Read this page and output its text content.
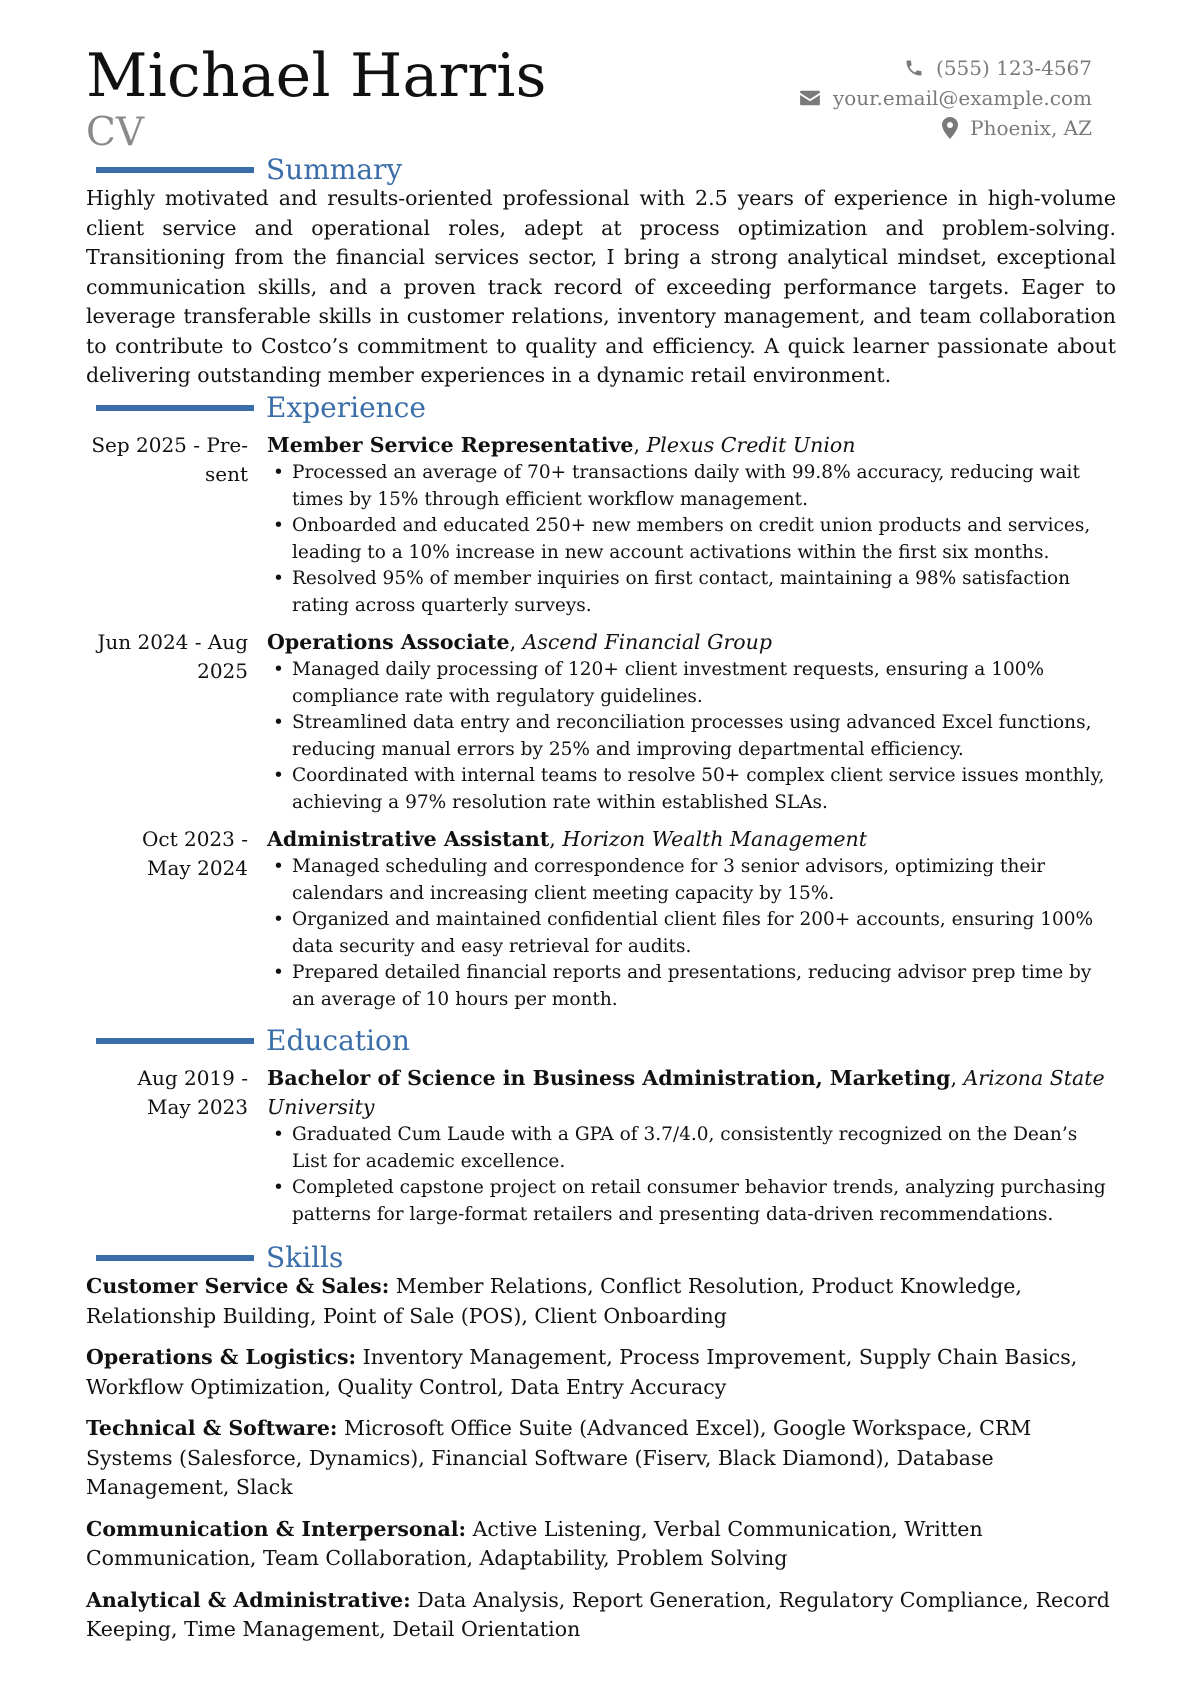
Michael Harris
CV
(555) 123-4567
your.email@example.com
Phoenix, AZ
Summary
Highly motivated and results-oriented professional with 2.5 years of experience in high-volume client service and operational roles, adept at process optimization and problem-solving. Transitioning from the financial services sector, I bring a strong analytical mindset, exceptional communication skills, and a proven track record of exceeding performance targets. Eager to leverage transferable skills in customer relations, inventory management, and team collaboration to contribute to Costco’s commitment to quality and efficiency. A quick learner passionate about delivering outstanding member experiences in a dynamic retail environment.
Experience
Sep 2025 - Pre-
sent
Member Service Representative, Plexus Credit Union
• Processed an average of 70+ transactions daily with 99.8% accuracy, reducing wait times by 15% through efficient workflow management.
• Onboarded and educated 250+ new members on credit union products and services, leading to a 10% increase in new account activations within the first six months.
• Resolved 95% of member inquiries on first contact, maintaining a 98% satisfaction rating across quarterly surveys.
Jun 2024 - Aug
2025
Operations Associate, Ascend Financial Group
• Managed daily processing of 120+ client investment requests, ensuring a 100% compliance rate with regulatory guidelines.
• Streamlined data entry and reconciliation processes using advanced Excel functions, reducing manual errors by 25% and improving departmental efficiency.
• Coordinated with internal teams to resolve 50+ complex client service issues monthly, achieving a 97% resolution rate within established SLAs.
Oct 2023 -
May 2024
Administrative Assistant, Horizon Wealth Management
• Managed scheduling and correspondence for 3 senior advisors, optimizing their calendars and increasing client meeting capacity by 15%.
• Organized and maintained confidential client files for 200+ accounts, ensuring 100% data security and easy retrieval for audits.
• Prepared detailed financial reports and presentations, reducing advisor prep time by an average of 10 hours per month.
Education
Aug 2019 -
May 2023
Bachelor of Science in Business Administration, Marketing, Arizona State University
• Graduated Cum Laude with a GPA of 3.7/4.0, consistently recognized on the Dean’s List for academic excellence.
• Completed capstone project on retail consumer behavior trends, analyzing purchasing patterns for large-format retailers and presenting data-driven recommendations.
Skills
Customer Service & Sales: Member Relations, Conflict Resolution, Product Knowledge, Relationship Building, Point of Sale (POS), Client Onboarding
Operations & Logistics: Inventory Management, Process Improvement, Supply Chain Basics, Workflow Optimization, Quality Control, Data Entry Accuracy
Technical & Software: Microsoft Office Suite (Advanced Excel), Google Workspace, CRM Systems (Salesforce, Dynamics), Financial Software (Fiserv, Black Diamond), Database Management, Slack
Communication & Interpersonal: Active Listening, Verbal Communication, Written Communication, Team Collaboration, Adaptability, Problem Solving
Analytical & Administrative: Data Analysis, Report Generation, Regulatory Compliance, Record Keeping, Time Management, Detail Orientation
